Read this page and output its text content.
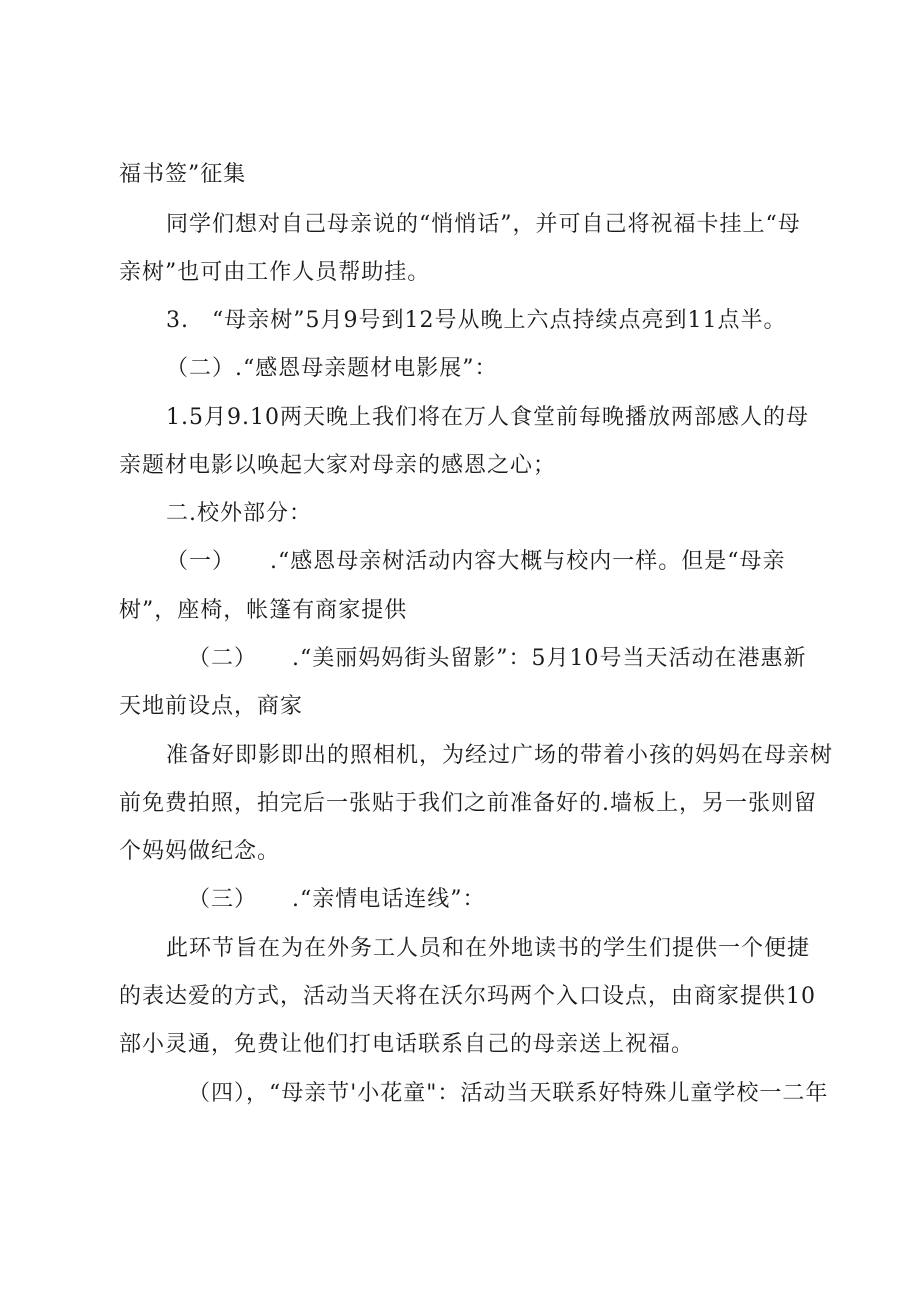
福书签”征集
同学们想对自己母亲说的“悄悄话”，并可自己将祝福卡挂上“母
亲树”也可由工作人员帮助挂。
3.　“母亲树”5月9号到12号从晚上六点持续点亮到11点半。
（二）.“感恩母亲题材电影展”：
1.5月9.10两天晚上我们将在万人食堂前每晚播放两部感人的母
亲题材电影以唤起大家对母亲的感恩之心；
二.校外部分：
（一）　　.“感恩母亲树活动内容大概与校内一样。但是“母亲
树”，座椅，帐篷有商家提供
（二）　　.“美丽妈妈街头留影”：5月10号当天活动在港惠新
天地前设点，商家
准备好即影即出的照相机，为经过广场的带着小孩的妈妈在母亲树
前免费拍照，拍完后一张贴于我们之前准备好的.墙板上，另一张则留
个妈妈做纪念。
（三）　　.“亲情电话连线”：
此环节旨在为在外务工人员和在外地读书的学生们提供一个便捷
的表达爱的方式，活动当天将在沃尔玛两个入口设点，由商家提供10
部小灵通，免费让他们打电话联系自己的母亲送上祝福。
（四），“母亲节'小花童"：活动当天联系好特殊儿童学校一二年
